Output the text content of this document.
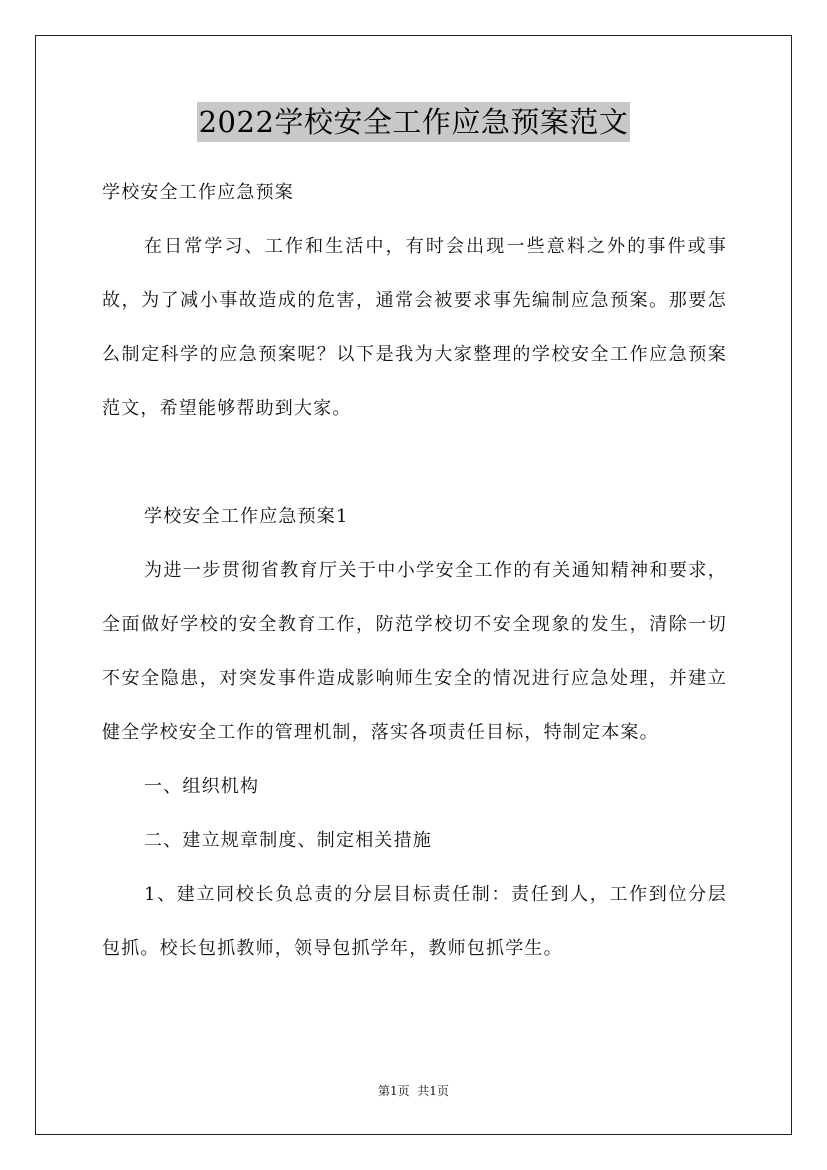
2022学校安全工作应急预案范文

学校安全工作应急预案

在日常学习、工作和生活中，有时会出现一些意料之外的事件或事故，为了减小事故造成的危害，通常会被要求事先编制应急预案。那要怎么制定科学的应急预案呢？以下是我为大家整理的学校安全工作应急预案范文，希望能够帮助到大家。

学校安全工作应急预案1

为进一步贯彻省教育厅关于中小学安全工作的有关通知精神和要求，全面做好学校的安全教育工作，防范学校切不安全现象的发生，清除一切不安全隐患，对突发事件造成影响师生安全的情况进行应急处理，并建立健全学校安全工作的管理机制，落实各项责任目标，特制定本案。

一、组织机构

二、建立规章制度、制定相关措施

1、建立同校长负总责的分层目标责任制：责任到人，工作到位分层包抓。校长包抓教师，领导包抓学年，教师包抓学生。

第1页  共1页
